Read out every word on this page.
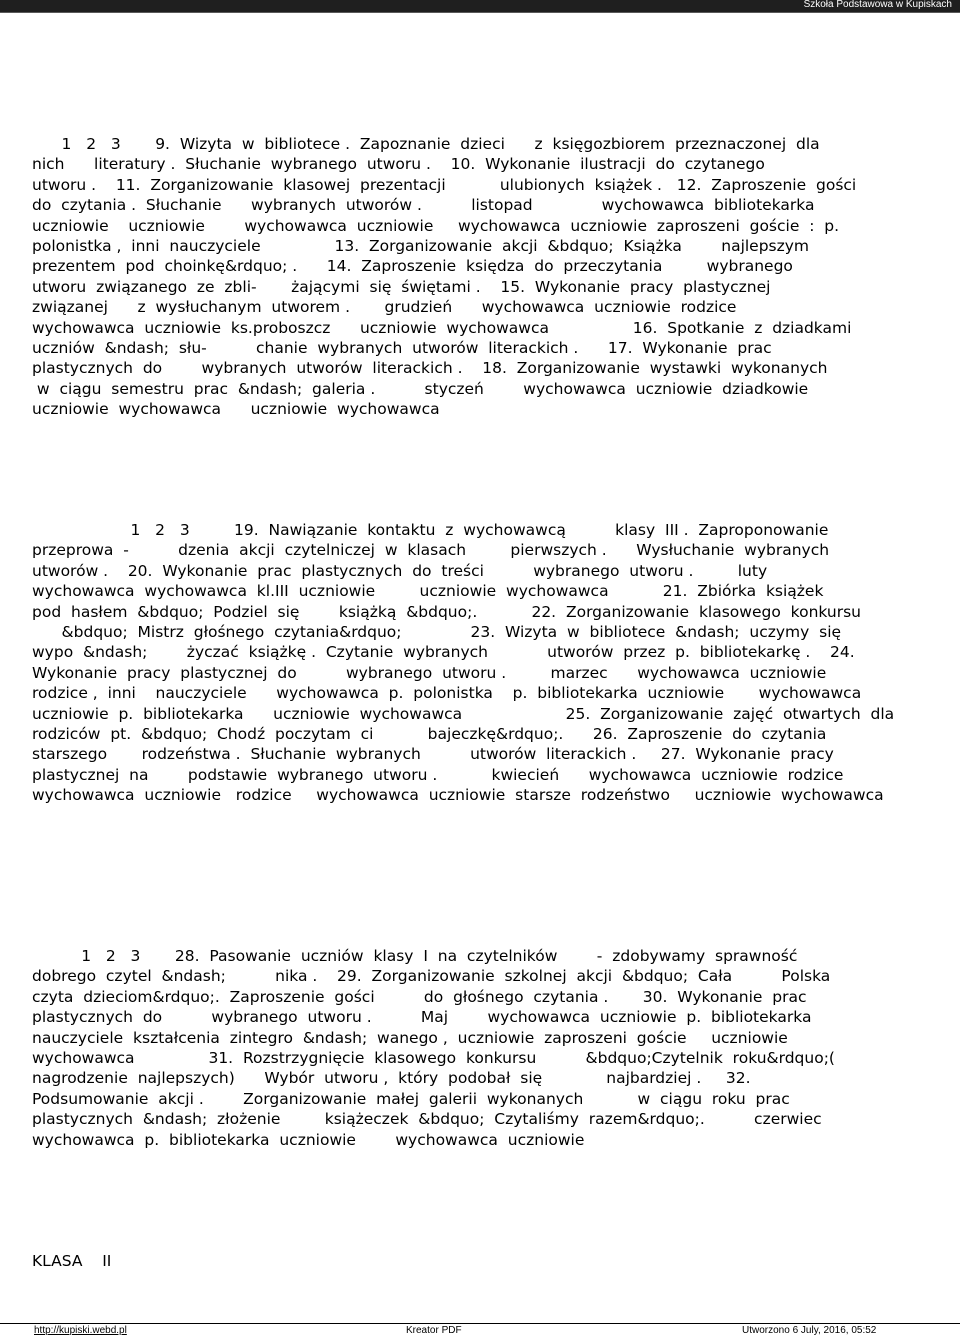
Szkoła Podstawowa w Kupiskach
1   2   3       9.  Wizyta  w  bibliotece .  Zapoznanie  dzieci      z  księgozbiorem  przeznaczonej  dla
nich      literatury .  Słuchanie  wybranego  utworu .    10.  Wykonanie  ilustracji  do  czytanego
utworu .    11.  Zorganizowanie  klasowej  prezentacji           ulubionych  książek .   12.  Zaproszenie  gości
do  czytania .  Słuchanie      wybranych  utworów .          listopad              wychowawca  bibliotekarka
uczniowie    uczniowie        wychowawca  uczniowie     wychowawca  uczniowie  zaproszeni  goście  :  p.
polonistka ,  inni  nauczyciele               13.  Zorganizowanie  akcji  &bdquo;  Książka        najlepszym
prezentem  pod  choinkę&rdquo; .      14.  Zaproszenie  księdza  do  przeczytania         wybranego
utworu  związanego  ze  zbli-       żającymi  się  świętami .    15.  Wykonanie  pracy  plastycznej
związanej      z  wysłuchanym  utworem .       grudzień      wychowawca  uczniowie  rodzice
wychowawca  uczniowie  ks.proboszcz      uczniowie  wychowawca                 16.  Spotkanie  z  dziadkami
uczniów  &ndash;  słu-          chanie  wybranych  utworów  literackich .      17.  Wykonanie  prac
plastycznych  do        wybranych  utworów  literackich .    18.  Zorganizowanie  wystawki  wykonanych
w  ciągu  semestru  prac  &ndash;  galeria .          styczeń        wychowawca  uczniowie  dziadkowie
uczniowie  wychowawca      uczniowie  wychowawca
1   2   3         19.  Nawiązanie  kontaktu  z  wychowawcą          klasy  III .  Zaproponowanie
przeprowa  -          dzenia  akcji  czytelniczej  w  klasach         pierwszych .      Wysłuchanie  wybranych
utworów .    20.  Wykonanie  prac  plastycznych  do  treści          wybranego  utworu .         luty
wychowawca  wychowawca  kl.III  uczniowie         uczniowie  wychowawca           21.  Zbiórka  książek
pod  hasłem  &bdquo;  Podziel  się        książką  &bdquo;.           22.  Zorganizowanie  klasowego  konkursu
&bdquo;  Mistrz  głośnego  czytania&rdquo;              23.  Wizyta  w  bibliotece  &ndash;  uczymy  się
wypo  &ndash;        życzać  książkę .  Czytanie  wybranych            utworów  przez  p.  bibliotekarkę .    24.
Wykonanie  pracy  plastycznej  do          wybranego  utworu .         marzec      wychowawca  uczniowie
rodzice ,  inni    nauczyciele      wychowawca  p.  polonistka    p.  bibliotekarka  uczniowie       wychowawca
uczniowie  p.  bibliotekarka      uczniowie  wychowawca                     25.  Zorganizowanie  zajęć  otwartych  dla
rodziców  pt.  &bdquo;  Chodź  poczytam  ci           bajeczkę&rdquo;.      26.  Zaproszenie  do  czytania
starszego       rodzeństwa .  Słuchanie  wybranych          utworów  literackich .     27.  Wykonanie  pracy
plastycznej  na        podstawie  wybranego  utworu .           kwiecień      wychowawca  uczniowie  rodzice
wychowawca  uczniowie   rodzice     wychowawca  uczniowie  starsze  rodzeństwo     uczniowie  wychowawca
1   2   3       28.  Pasowanie  uczniów  klasy  I  na  czytelników        -  zdobywamy  sprawność
dobrego  czytel  &ndash;          nika .    29.  Zorganizowanie  szkolnej  akcji  &bdquo;  Cała          Polska
czyta  dzieciom&rdquo;.  Zaproszenie  gości          do  głośnego  czytania .       30.  Wykonanie  prac
plastycznych  do          wybranego  utworu .          Maj        wychowawca  uczniowie  p.  bibliotekarka
nauczyciele  kształcenia  zintegro  &ndash;  wanego ,  uczniowie  zaproszeni  goście     uczniowie
wychowawca               31.  Rozstrzygnięcie  klasowego  konkursu          &bdquo;Czytelnik  roku&rdquo;(
nagrodzenie  najlepszych)      Wybór  utworu ,  który  podobał  się             najbardziej .     32.
Podsumowanie  akcji .        Zorganizowanie  małej  galerii  wykonanych           w  ciągu  roku  prac
plastycznych  &ndash;  złożenie         książeczek  &bdquo;  Czytaliśmy  razem&rdquo;.          czerwiec
wychowawca  p.  bibliotekarka  uczniowie        wychowawca  uczniowie
KLASA    II
http://kupiski.webd.pl	Kreator PDF	Utworzono 6 July, 2016, 05:52
